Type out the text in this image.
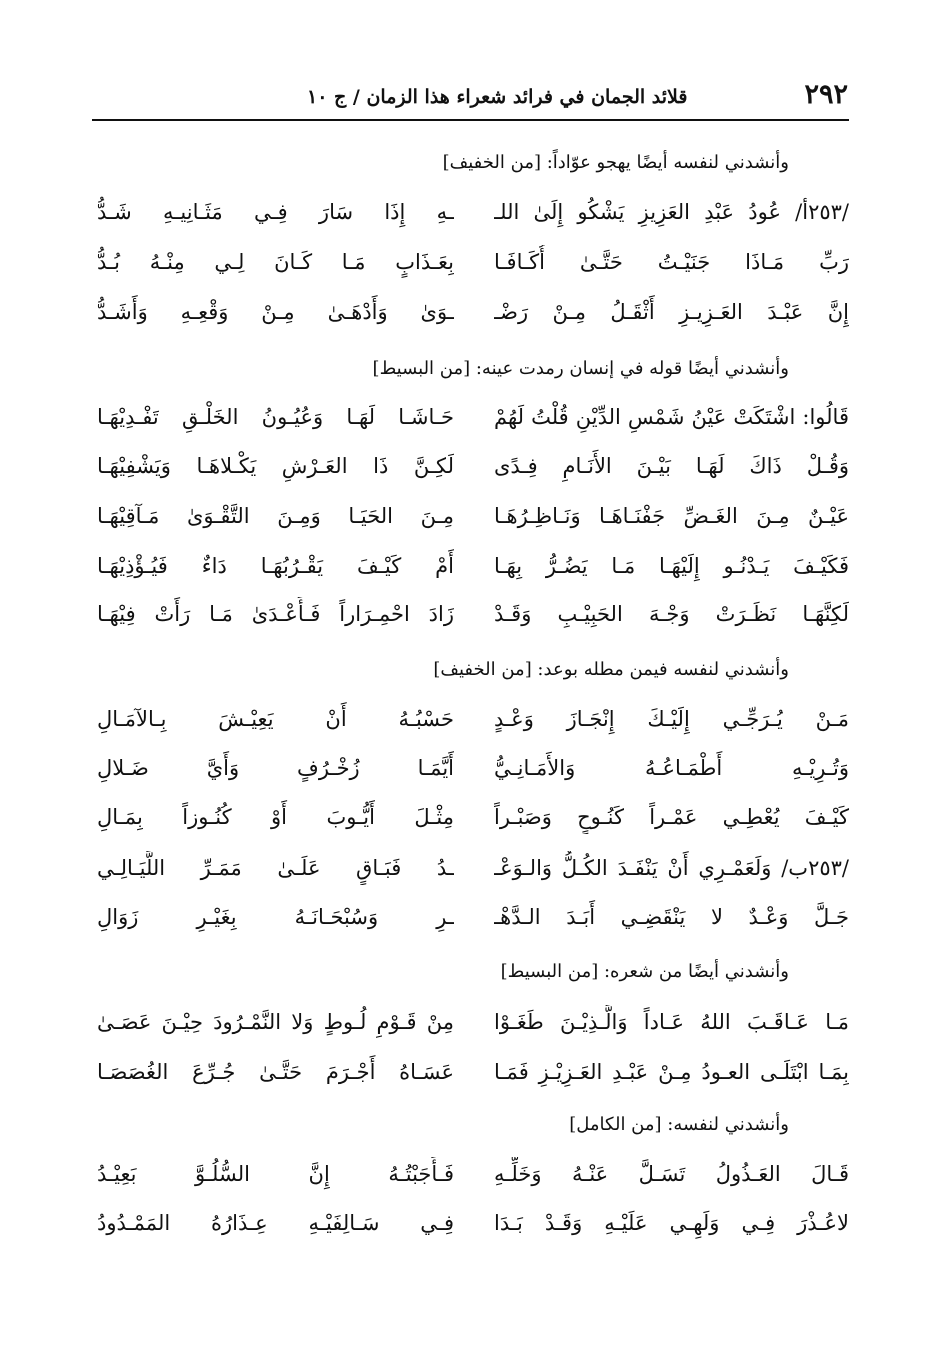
٢٩٢
قلائد الجمان في فرائد شعراء هذا الزمان / ج ١٠
وأنشدني لنفسه أيضًا يهجو عوّاداً: [من الخفيف]
/٢٥٣أ/ عُودُ عَبْدِ العَزِيزِ يَشْكُو إِلَىٰ اللـ
ـهِ إِذَا سَارَ فِـي مَثَـانِيـهِ شَـدُّ
رَبِّ مَـاذَا جَنَيْـتُ حَتَّـىٰ أُكَـافَـا
بِعَـذَابٍ مَـا كَـانَ لِـي مِنْـهُ بُـدُّ
إِنَّ عَبْـدَ العَـزِيـزِ أَثْقَـلُ مِـنْ رَضْـ
ـوَىٰ وَأَدْهَـىٰ مِـنْ وَقْعِـهِ وَأَشَـدُّ
وأنشدني أيضًا قوله في إنسان رمدت عينه: [من البسيط]
قَالُوا: اشْتَكَتْ عَيْنُ شَمْسِ الدِّيْنِ قُلْتُ لَهُمْ
حَـاشَـا لَهَـا وَعُيُـونُ الخَلْـقِ تَفْـدِيْهَـا
وَقُـلْ ذَاكَ لَهَـا بَيْـنَ الأَنَـامِ فِـدًى
لَكِـنَّ ذَا العَـرْشِ يَكْـلاهَـا وَيَشْفِيْهَـا
عَيْـنٌ مِـنَ الغَـضِّ جَفْنَـاهَـا وَنَـاظِـرُهَـا
مِـنَ الحَيَـا وَمِـنَ التَّقْـوَىٰ مَـآقِيْهَـا
فَكَيْـفَ يَـدْنُـو إِلَيْهَـا مَـا يَضُـرُّ بِهَـا
أَمْ كَيْـفَ يَقْـرُبُهَـا دَاءٌ فَيُـؤْذِيْهَـا
لَكِنَّهَـا نَظَـرَتْ وَجْـهَ الحَبِيْـبِ وَقَـدْ
زَادَ احْمِـرَاراً فَـأَعْـدَىٰ مَـا رَأَتْ فِيْهَـا
وأنشدني لنفسه فيمن مطله بوعد: [من الخفيف]
مَـنْ يُـرَجِّـي إِلَيْـكَ إِنْجَـازَ وَعْـدٍ
حَسْبُـهُ أَنْ يَعِيْـشَ بِـالآمَـالِ
وَتُـرِيْـهِ أَطْمَـاعُـهُ وَالأَمَـانِـيُّ
أَيَّمَـا زُخْـرُفٍ وَأَيَّ ضَـلالِ
كَيْـفَ يُعْطِـي عَمْـراً كَنُـوحٍ وَصَبْـراً
مِثْـلَ أَيُّـوبَ أَوْ كُنُـوزاً بِمَـالِ
/٢٥٣ب/ وَلَعَمْـرِي أَنْ يَنْفَـدَ الكُـلُّ وَالـوَعْـ
ـدُ فَبَـاقٍ عَلَـىٰ مَمَـرِّ اللَّيَـالِـي
جَـلَّ وَعْـدٌ لا يَنْقَضِـي أَبَـدَ الـدَّهْـ
ـرِ وَسُبْحَـانَـهُ بِغَيْـرِ زَوَالِ
وأنشدني أيضًا من شعره: [من البسيط]
مَـا عَـاقَـبَ اللهُ عَـاداً وَالَّـذِيْـنَ طَغَـوْا
مِنْ قَـوْمِ لُـوطٍ وَلا النَّمْـرُودَ حِيْـنَ عَصَـىٰ
بِمَـا ابْتَلَـى العـودُ مِـنْ عَبْـدِ العَـزِيْـزِ فَمَـا
عَسَـاهُ أَجْـرَمَ حَتَّـىٰ جُـرِّعَ الغُصَصَـا
وأنشدني لنفسه: [من الكامل]
قَـالَ العَـذُولُ تَسَـلَّ عَنْـهُ وَخَلِّـهِ
فَـأَجَبْتُـهُ إِنَّ السُّلُـوَّ بَعِيْـدُ
لاعُـذْرَ فِـي وَلَهِـي عَلَيْـهِ وَقَـدْ بَـدَا
فِـي سَـالِفَيْـهِ عِـذَارُهُ المَمْـدُودُ
